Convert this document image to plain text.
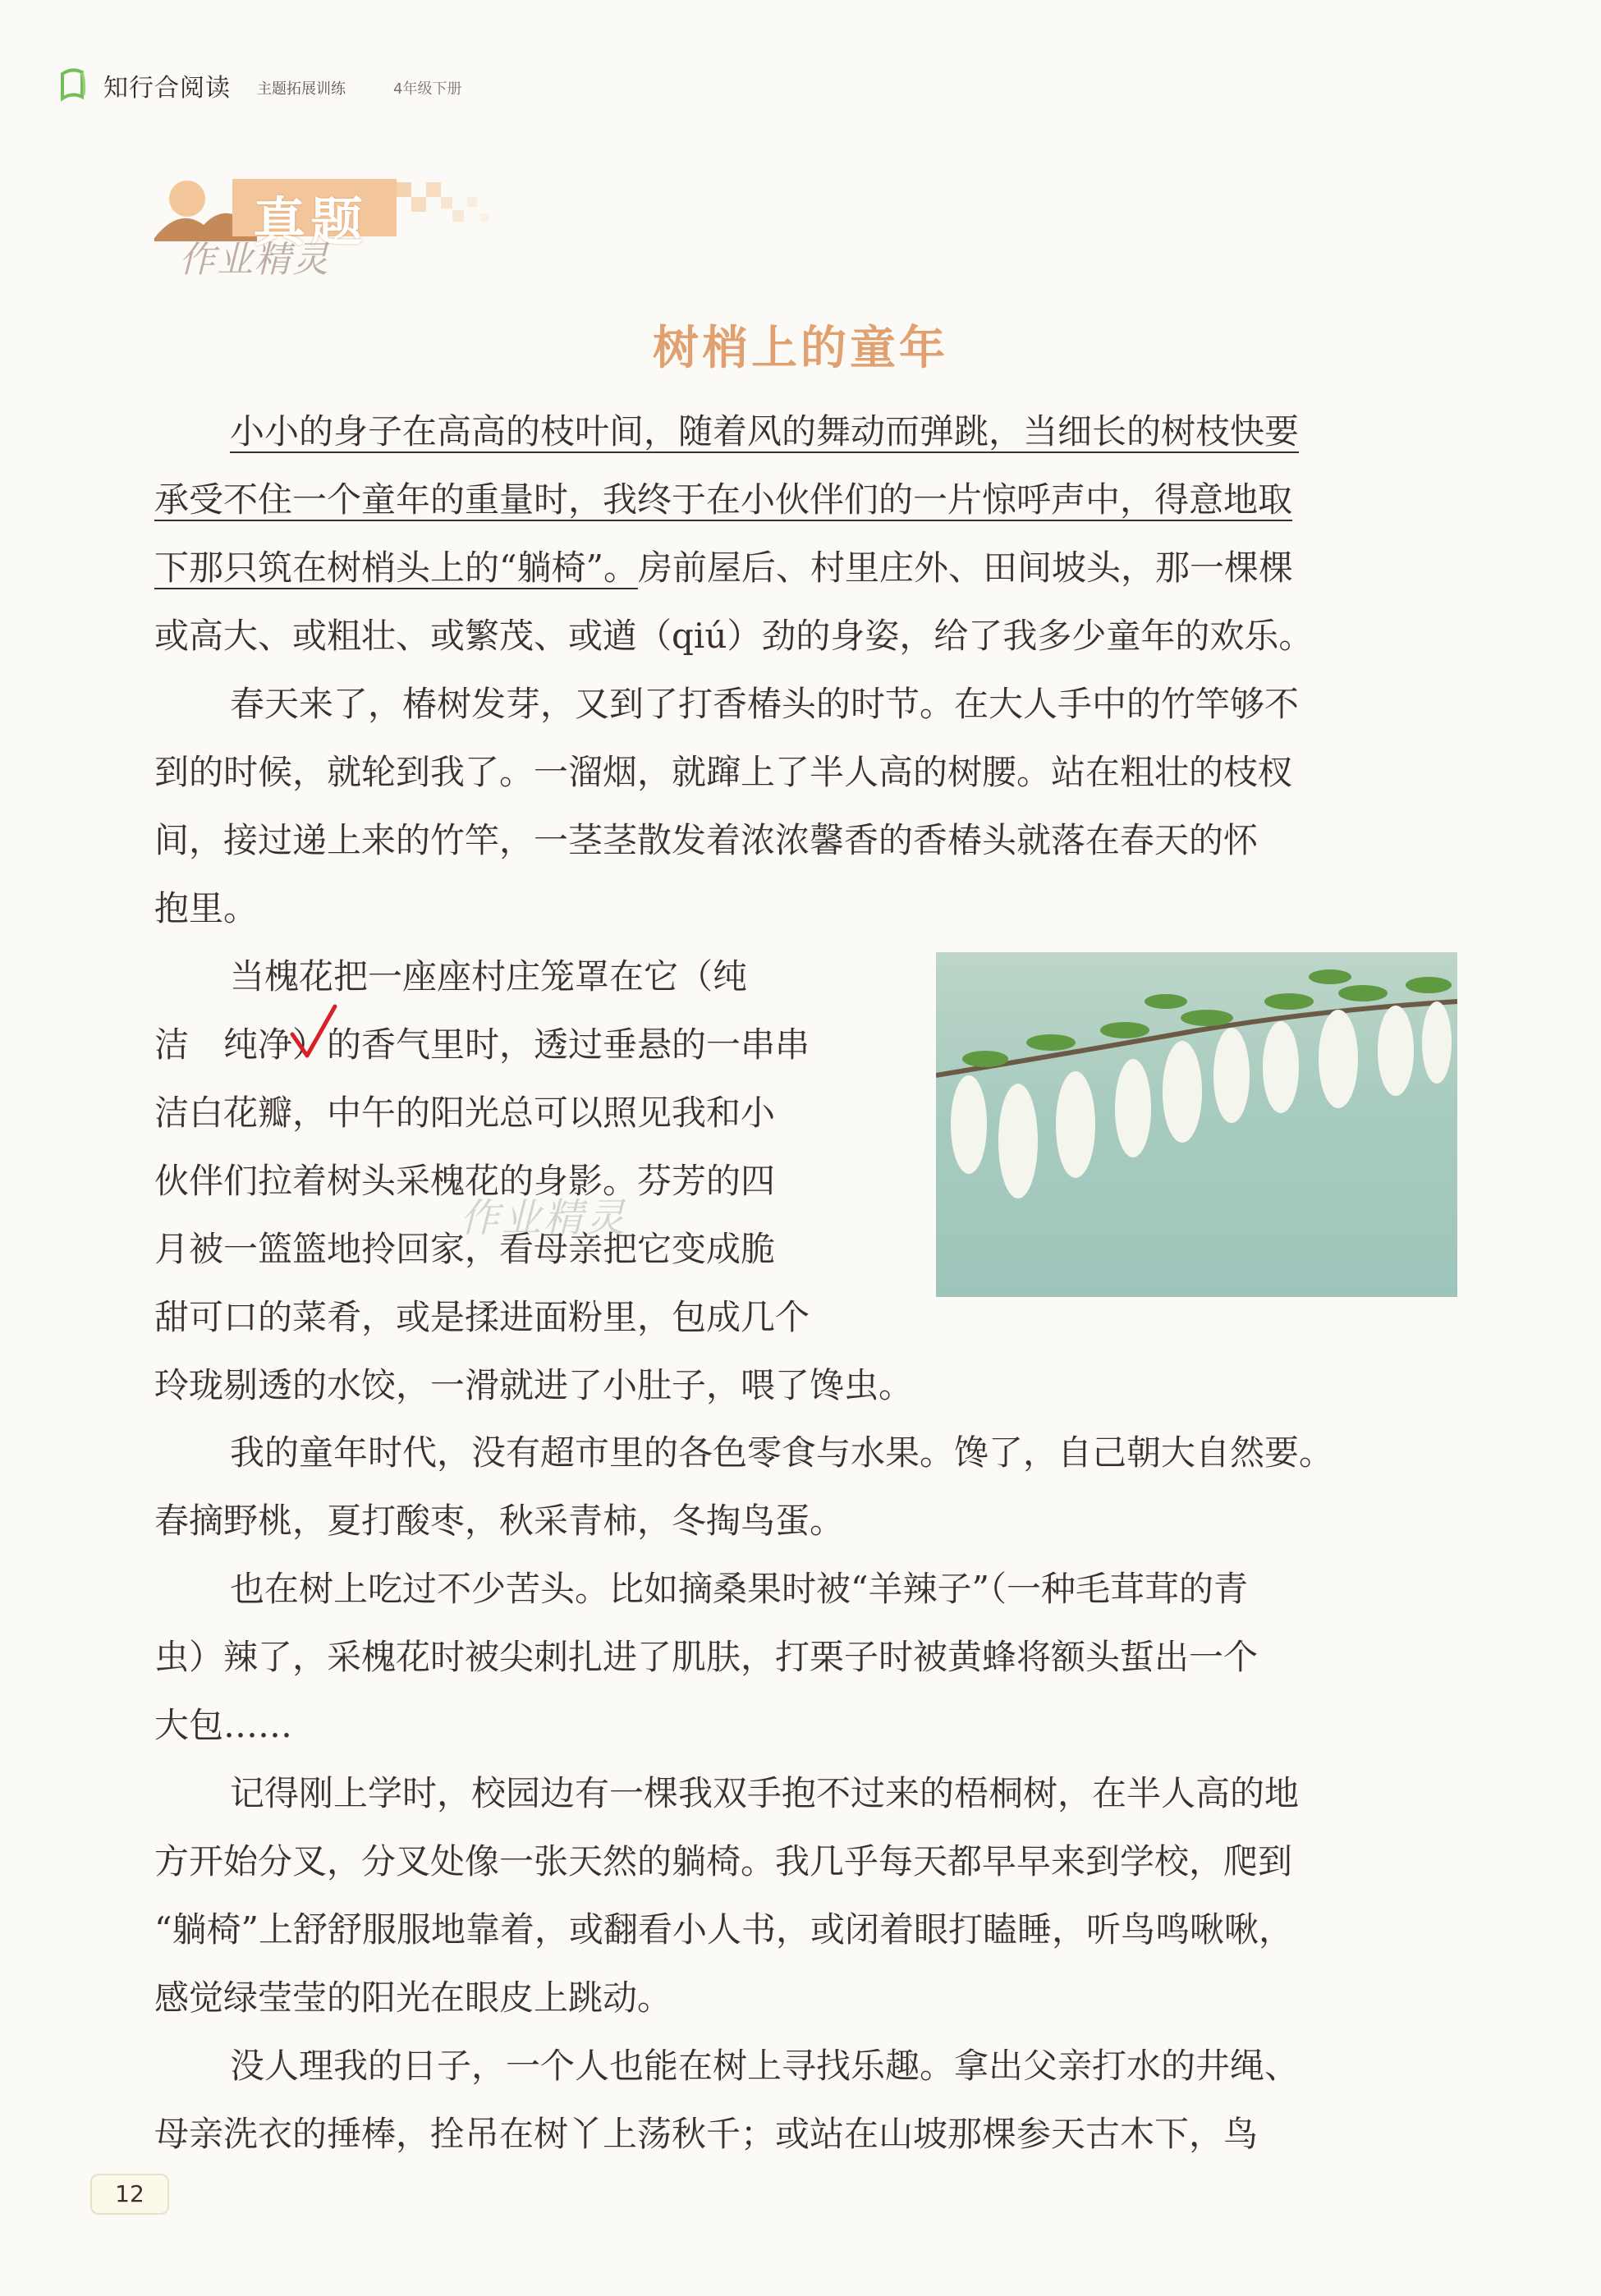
知行合阅读 主题拓展训练	4年级下册
真题
作业精灵
树梢上的童年
小小的身子在高高的枝叶间，随着风的舞动而弹跳，当细长的树枝快要
承受不住一个童年的重量时，我终于在小伙伴们的一片惊呼声中，得意地取
下那只筑在树梢头上的“躺椅”。房前屋后、村里庄外、田间坡头，那一棵棵
或高大、或粗壮、或繁茂、或遒（qiú）劲的身姿，给了我多少童年的欢乐。
春天来了，椿树发芽，又到了打香椿头的时节。在大人手中的竹竿够不
到的时候，就轮到我了。一溜烟，就蹿上了半人高的树腰。站在粗壮的枝杈
间，接过递上来的竹竿，一茎茎散发着浓浓馨香的香椿头就落在春天的怀
抱里。
当槐花把一座座村庄笼罩在它（纯
洁　纯净）的香气里时，透过垂悬的一串串
洁白花瓣，中午的阳光总可以照见我和小
伙伴们拉着树头采槐花的身影。芬芳的四
月被一篮篮地拎回家，看母亲把它变成脆
甜可口的菜肴，或是揉进面粉里，包成几个
玲珑剔透的水饺，一滑就进了小肚子，喂了馋虫。
作业精灵
我的童年时代，没有超市里的各色零食与水果。馋了，自己朝大自然要。
春摘野桃，夏打酸枣，秋采青柿，冬掏鸟蛋。
也在树上吃过不少苦头。比如摘桑果时被“羊辣子”（一种毛茸茸的青
虫）辣了，采槐花时被尖刺扎进了肌肤，打栗子时被黄蜂将额头蜇出一个
大包……
记得刚上学时，校园边有一棵我双手抱不过来的梧桐树，在半人高的地
方开始分叉，分叉处像一张天然的躺椅。我几乎每天都早早来到学校，爬到
“躺椅”上舒舒服服地靠着，或翻看小人书，或闭着眼打瞌睡，听鸟鸣啾啾，
感觉绿莹莹的阳光在眼皮上跳动。
没人理我的日子，一个人也能在树上寻找乐趣。拿出父亲打水的井绳、
母亲洗衣的捶棒，拴吊在树丫上荡秋千；或站在山坡那棵参天古木下，鸟
12
